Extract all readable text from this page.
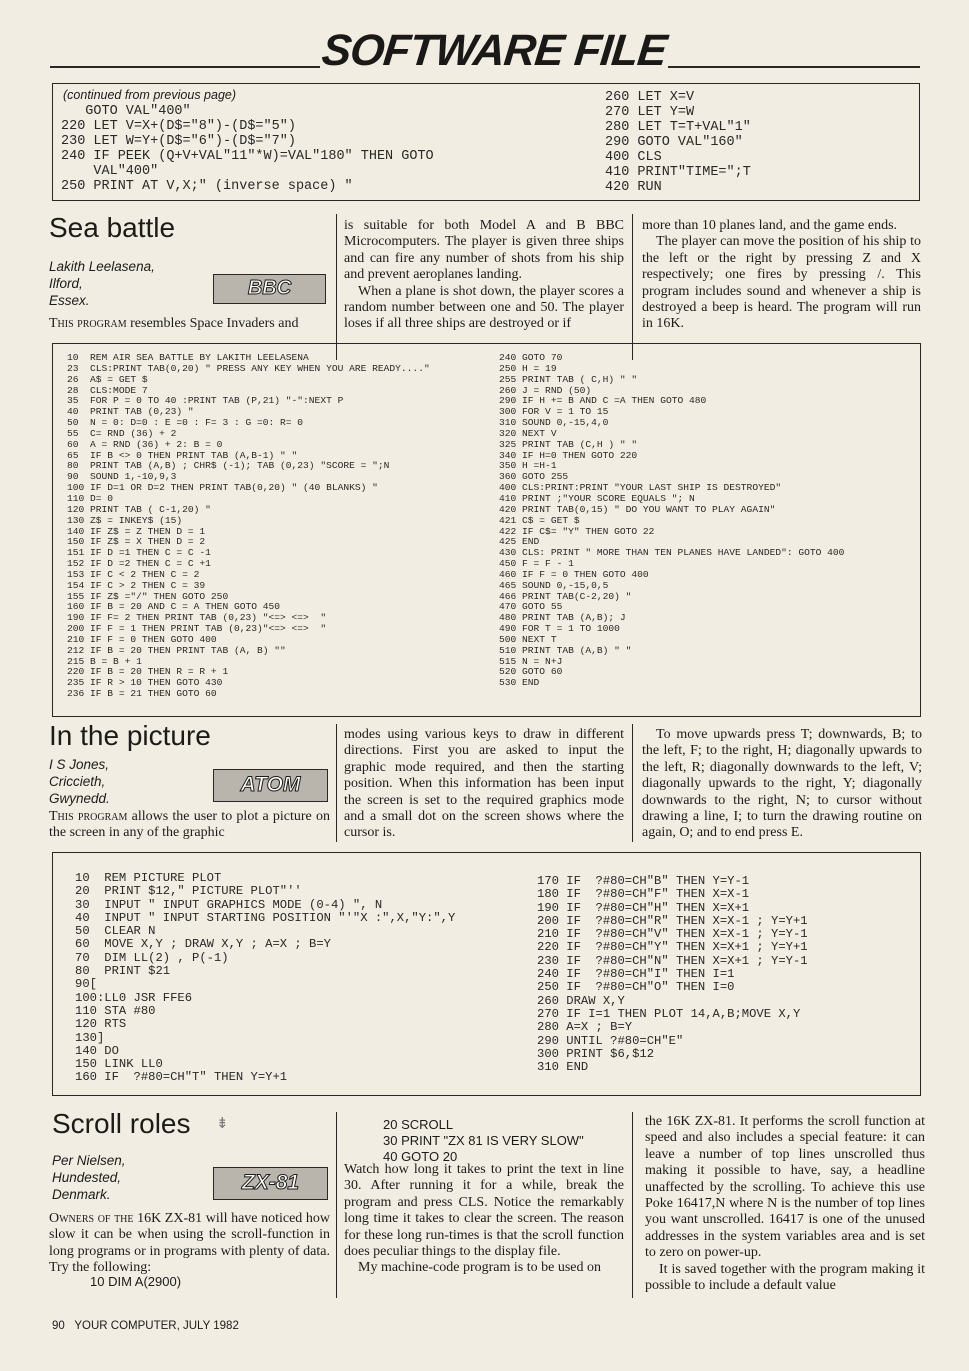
SOFTWARE FILE
(continued from previous page)
GOTO VAL"400"
220 LET V=X+(D$="8")-(D$="5")
230 LET W=Y+(D$="6")-(D$="7")
240 IF PEEK (Q+V+VAL"11"*W)=VAL"180" THEN GOTO
VAL"400"
250 PRINT AT V,X;" (inverse space) "
260 LET X=V
270 LET Y=W
280 LET T=T+VAL"1"
290 GOTO VAL"160"
400 CLS
410 PRINT"TIME=";T
420 RUN
Sea battle
Lakith Leelasena,
Ilford,
Essex.
BBC
This program resembles Space Invaders and

is suitable for both Model A and B BBC Microcomputers. The player is given three ships and can fire any number of shots from his ship and prevent aeroplanes landing.

When a plane is shot down, the player scores a random number between one and 50. The player loses if all three ships are destroyed or if

more than 10 planes land, and the game ends.

The player can move the position of his ship to the left or the right by pressing Z and X respectively; one fires by pressing /. This program includes sound and whenever a ship is destroyed a beep is heard. The program will run in 16K.

10  REM AIR SEA BATTLE BY LAKITH LEELASENA
23  CLS:PRINT TAB(0,20) " PRESS ANY KEY WHEN YOU ARE READY...."
26  A$ = GET $
28  CLS:MODE 7
35  FOR P = 0 TO 40 :PRINT TAB (P,21) "-":NEXT P
40  PRINT TAB (0,23) "
50  N = 0: D=0 : E =0 : F= 3 : G =0: R= 0
55  C= RND (36) + 2
60  A = RND (36) + 2: B = 0
65  IF B <> 0 THEN PRINT TAB (A,B-1) " "
80  PRINT TAB (A,B) ; CHR$ (-1); TAB (0,23) "SCORE = ";N
90  SOUND 1,-10,9,3
100 IF D=1 OR D=2 THEN PRINT TAB(0,20) " (40 BLANKS) "
110 D= 0
120 PRINT TAB ( C-1,20) "
130 Z$ = INKEY$ (15)
140 IF Z$ = Z THEN D = 1
150 IF Z$ = X THEN D = 2
151 IF D =1 THEN C = C -1
152 IF D =2 THEN C = C +1
153 IF C < 2 THEN C = 2
154 IF C > 2 THEN C = 39
155 IF Z$ ="/" THEN GOTO 250
160 IF B = 20 AND C = A THEN GOTO 450
190 IF F= 2 THEN PRINT TAB (0,23) "<=> <=>  "
200 IF F = 1 THEN PRINT TAB (0,23)"<=> <=>  "
210 IF F = 0 THEN GOTO 400
212 IF B = 20 THEN PRINT TAB (A, B) ""
215 B = B + 1
220 IF B = 20 THEN R = R + 1
235 IF R > 10 THEN GOTO 430
236 IF B = 21 THEN GOTO 60
240 GOTO 70
250 H = 19
255 PRINT TAB ( C,H) " "
260 J = RND (50)
290 IF H += B AND C =A THEN GOTO 480
300 FOR V = 1 TO 15
310 SOUND 0,-15,4,0
320 NEXT V
325 PRINT TAB (C,H ) " "
340 IF H=0 THEN GOTO 220
350 H =H-1
360 GOTO 255
400 CLS:PRINT:PRINT "YOUR LAST SHIP IS DESTROYED"
410 PRINT ;"YOUR SCORE EQUALS "; N
420 PRINT TAB(0,15) " DO YOU WANT TO PLAY AGAIN"
421 C$ = GET $
422 IF C$= "Y" THEN GOTO 22
425 END
430 CLS: PRINT " MORE THAN TEN PLANES HAVE LANDED": GOTO 400
450 F = F - 1
460 IF F = 0 THEN GOTO 400
465 SOUND 0,-15,0,5
466 PRINT TAB(C-2,20) "
470 GOTO 55
480 PRINT TAB (A,B); J
490 FOR T = 1 TO 1000
500 NEXT T
510 PRINT TAB (A,B) " "
515 N = N+J
520 GOTO 60
530 END
In the picture
I S Jones,
Criccieth,
Gwynedd.
ATOM
This program allows the user to plot a picture on the screen in any of the graphic

modes using various keys to draw in different directions. First you are asked to input the graphic mode required, and then the starting position. When this information has been input the screen is set to the required graphics mode and a small dot on the screen shows where the cursor is.

To move upwards press T; downwards, B; to the left, F; to the right, H; diagonally upwards to the left, R; diagonally downwards to the left, V; diagonally upwards to the right, Y; diagonally downwards to the right, N; to cursor without drawing a line, I; to turn the drawing routine on again, O; and to end press E.

10  REM PICTURE PLOT
20  PRINT $12," PICTURE PLOT"''
30  INPUT " INPUT GRAPHICS MODE (0-4) ", N
40  INPUT " INPUT STARTING POSITION "'"X :",X,"Y:",Y
50  CLEAR N
60  MOVE X,Y ; DRAW X,Y ; A=X ; B=Y
70  DIM LL(2) , P(-1)
80  PRINT $21
90[
100:LL0 JSR FFE6
110 STA #80
120 RTS
130]
140 DO
150 LINK LL0
160 IF  ?#80=CH"T" THEN Y=Y+1
170 IF  ?#80=CH"B" THEN Y=Y-1
180 IF  ?#80=CH"F" THEN X=X-1
190 IF  ?#80=CH"H" THEN X=X+1
200 IF  ?#80=CH"R" THEN X=X-1 ; Y=Y+1
210 IF  ?#80=CH"V" THEN X=X-1 ; Y=Y-1
220 IF  ?#80=CH"Y" THEN X=X+1 ; Y=Y+1
230 IF  ?#80=CH"N" THEN X=X+1 ; Y=Y-1
240 IF  ?#80=CH"I" THEN I=1
250 IF  ?#80=CH"O" THEN I=0
260 DRAW X,Y
270 IF I=1 THEN PLOT 14,A,B;MOVE X,Y
280 A=X ; B=Y
290 UNTIL ?#80=CH"E"
300 PRINT $6,$12
310 END
Scroll roles ⇟
Per Nielsen,
Hundested,
Denmark.
ZX-81
Owners of the 16K ZX-81 will have noticed how slow it can be when using the scroll-function in long programs or in programs with plenty of data. Try the following:
10 DIM A(2900)
20 SCROLL
30 PRINT "ZX 81 IS VERY SLOW"
40 GOTO 20

Watch how long it takes to print the text in line 30. After running it for a while, break the program and press CLS. Notice the remarkably long time it takes to clear the screen. The reason for these long run-times is that the scroll function does peculiar things to the display file.

My machine-code program is to be used on

the 16K ZX-81. It performs the scroll function at speed and also includes a special feature: it can leave a number of top lines unscrolled thus making it possible to have, say, a headline unaffected by the scrolling. To achieve this use Poke 16417,N where N is the number of top lines you want unscrolled. 16417 is one of the unused addresses in the system variables area and is set to zero on power-up.

It is saved together with the program making it possible to include a default value

90 YOUR COMPUTER, JULY 1982
